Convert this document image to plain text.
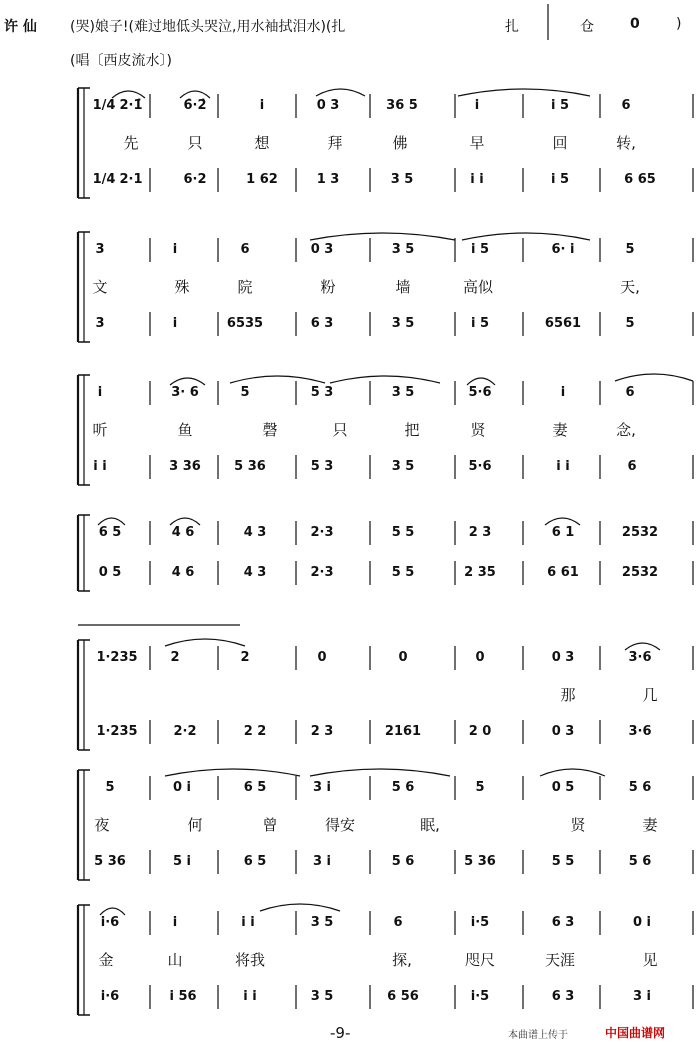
许 仙 (哭)娘子!(难过地低头哭泣,用水袖拭泪水)(扎	扎	仓	0	)
(唱〔西皮流水〕)
1/4 2·1̇	6̇·2̇	i	0 3	36 5	i	i 5	6
先	只	想	拜	佛	早	回	转,
1/4 2·1	6·2	1 62	1 3	3 5	i i	i 5	6 65
3	i	6	0 3	3 5	i 5	6· i	5
文	殊	院	粉	墙	高似	天,
3	i	6535	6 3	3 5	i 5	6561	5
i	3· 6	5	5 3	3 5	5·6	i	6
听	鱼	磬	只	把	贤	妻	念,
i i	3 36	5 36	5 3	3 5	5·6	i i	6
6 5	4 6	4 3	2·3	5 5	2 3	6 1	2532
0 5	4 6	4 3	2·3	5 5	2 35	6 61	2532
1·235	2	2	0	0	0	0 3	3·6
那	几
1·235	2·2	2 2	2 3	2161	2 0	0 3	3·6
5	0 i	6 5	3 i	5 6	5	0 5	5 6
夜	何	曾	得安	眠,	贤	妻
5 36	5 i	6 5	3 i	5 6	5 36	5 5	5 6
i·6	i	i i	3 5	6	i·5	6 3	0 i
金	山	将我	探,	咫尺	天涯	见
i·6	i 56	i i	3 5	6 56	i·5	6 3	3 i
-9-	本曲谱上传于	中国曲谱网
